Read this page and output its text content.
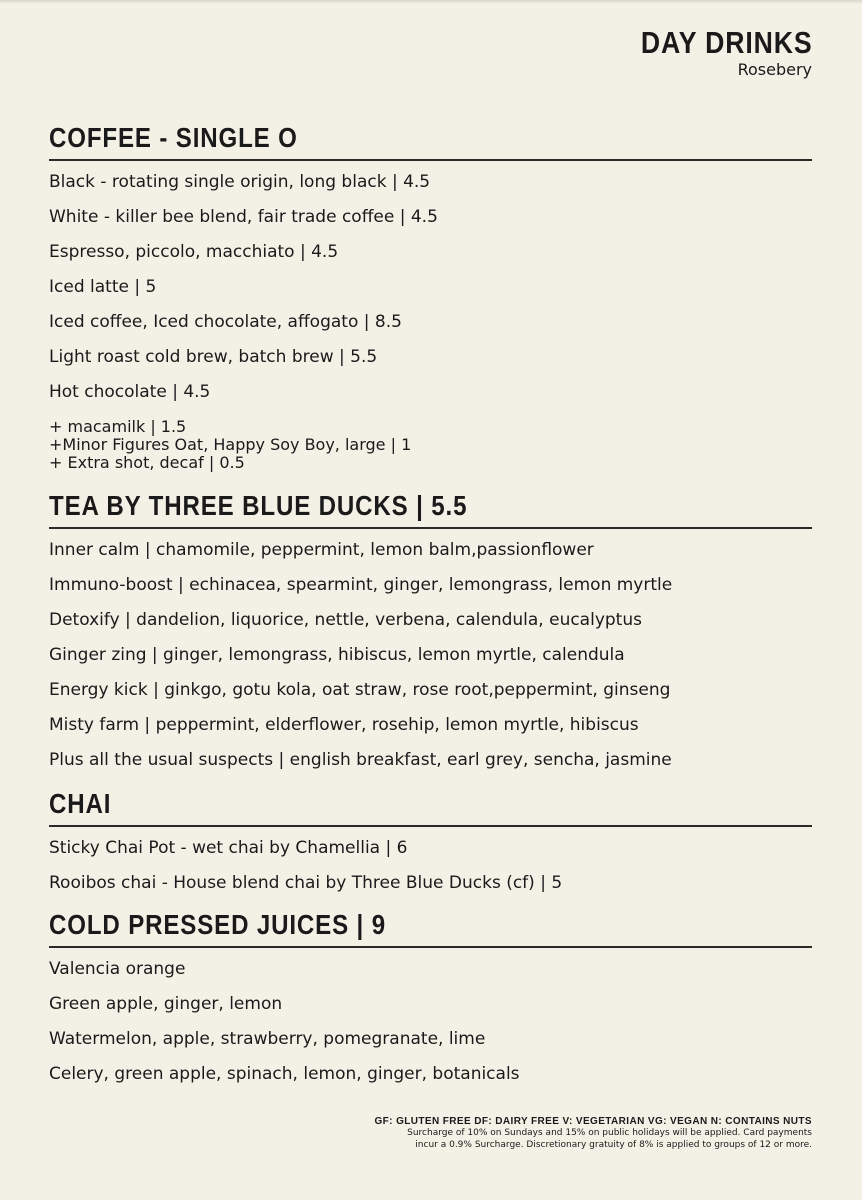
DAY DRINKS
Rosebery
COFFEE - SINGLE O
Black - rotating single origin, long black | 4.5
White - killer bee blend, fair trade coffee | 4.5
Espresso, piccolo, macchiato | 4.5
Iced latte | 5
Iced coffee, Iced chocolate, affogato | 8.5
Light roast cold brew, batch brew | 5.5
Hot chocolate | 4.5
+ macamilk | 1.5
+Minor Figures Oat, Happy Soy Boy, large | 1
+ Extra shot, decaf | 0.5
TEA BY THREE BLUE DUCKS | 5.5
Inner calm | chamomile, peppermint, lemon balm,passionflower
Immuno-boost | echinacea, spearmint, ginger, lemongrass, lemon myrtle
Detoxify | dandelion, liquorice, nettle, verbena, calendula, eucalyptus
Ginger zing | ginger, lemongrass, hibiscus, lemon myrtle, calendula
Energy kick | ginkgo, gotu kola, oat straw, rose root,peppermint, ginseng
Misty farm | peppermint, elderflower, rosehip, lemon myrtle, hibiscus
Plus all the usual suspects | english breakfast, earl grey, sencha, jasmine
CHAI
Sticky Chai Pot - wet chai by Chamellia | 6
Rooibos chai - House blend chai by Three Blue Ducks (cf) | 5
COLD PRESSED JUICES | 9
Valencia orange
Green apple, ginger, lemon
Watermelon, apple, strawberry, pomegranate, lime
Celery, green apple, spinach, lemon, ginger, botanicals
GF: GLUTEN FREE DF: DAIRY FREE V: VEGETARIAN VG: VEGAN N: CONTAINS NUTS
Surcharge of 10% on Sundays and 15% on public holidays will be applied. Card payments
incur a 0.9% Surcharge. Discretionary gratuity of 8% is applied to groups of 12 or more.
